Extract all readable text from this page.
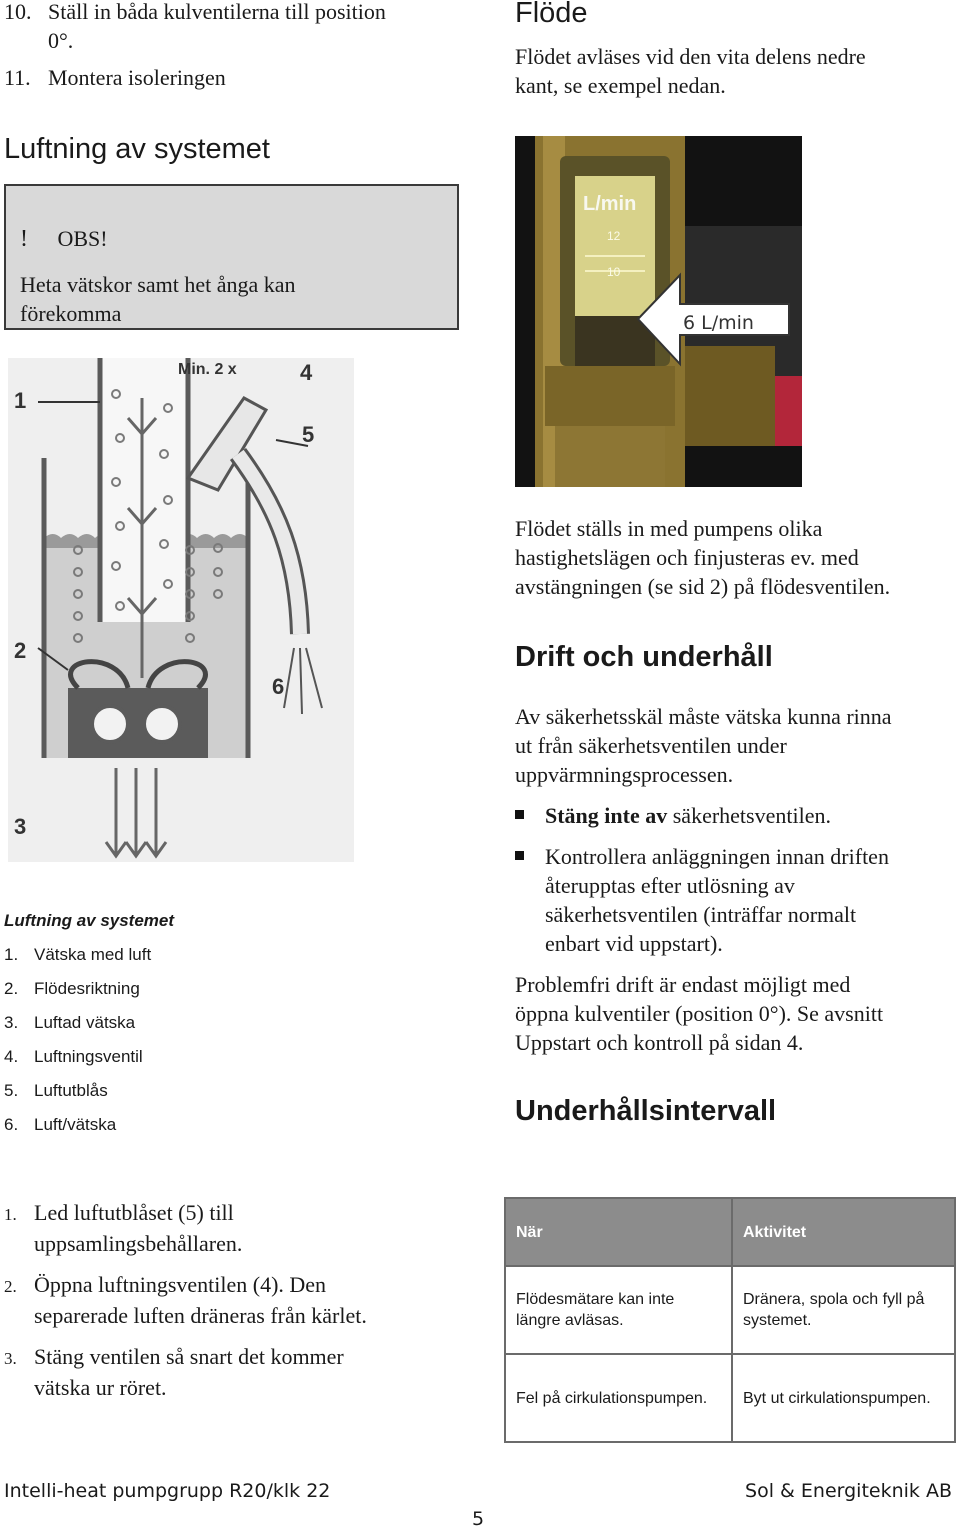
10. Ställ in båda kulventilerna till position
0°.
11. Montera isoleringen
Luftning av systemet
! OBS!
Heta vätskor samt het ånga kan
förekomma
Min. 2 x
1
2
3
4
5
6
Luftning av systemet
1. Vätska med luft
2. Flödesriktning
3. Luftad vätska
4. Luftningsventil
5. Luftutblås
6. Luft/vätska
1. Led luftutblåset (5) till
uppsamlingsbehållaren.
2. Öppna luftningsventilen (4). Den
separerade luften dräneras från kärlet.
3. Stäng ventilen så snart det kommer
vätska ur röret.
Flöde
Flödet avläses vid den vita delens nedre
kant, se exempel nedan.
L/min
12
10
6 L/min
Flödet ställs in med pumpens olika
hastighetslägen och finjusteras ev. med
avstängningen (se sid 2) på flödesventilen.
Drift och underhåll
Av säkerhetsskäl måste vätska kunna rinna
ut från säkerhetsventilen under
uppvärmningsprocessen.
Stäng inte av säkerhetsventilen.
Kontrollera anläggningen innan driften
återupptas efter utlösning av
säkerhetsventilen (inträffar normalt
enbart vid uppstart).
Problemfri drift är endast möjligt med
öppna kulventiler (position 0°). Se avsnitt
Uppstart och kontroll på sidan 4.
Underhållsintervall
När	Aktivitet
Flödesmätare kan inte längre avläsas.	Dränera, spola och fyll på systemet.
Fel på cirkulationspumpen.	Byt ut cirkulationspumpen.
Intelli-heat pumpgrupp R20/klk 22	Sol & Energiteknik AB
5
